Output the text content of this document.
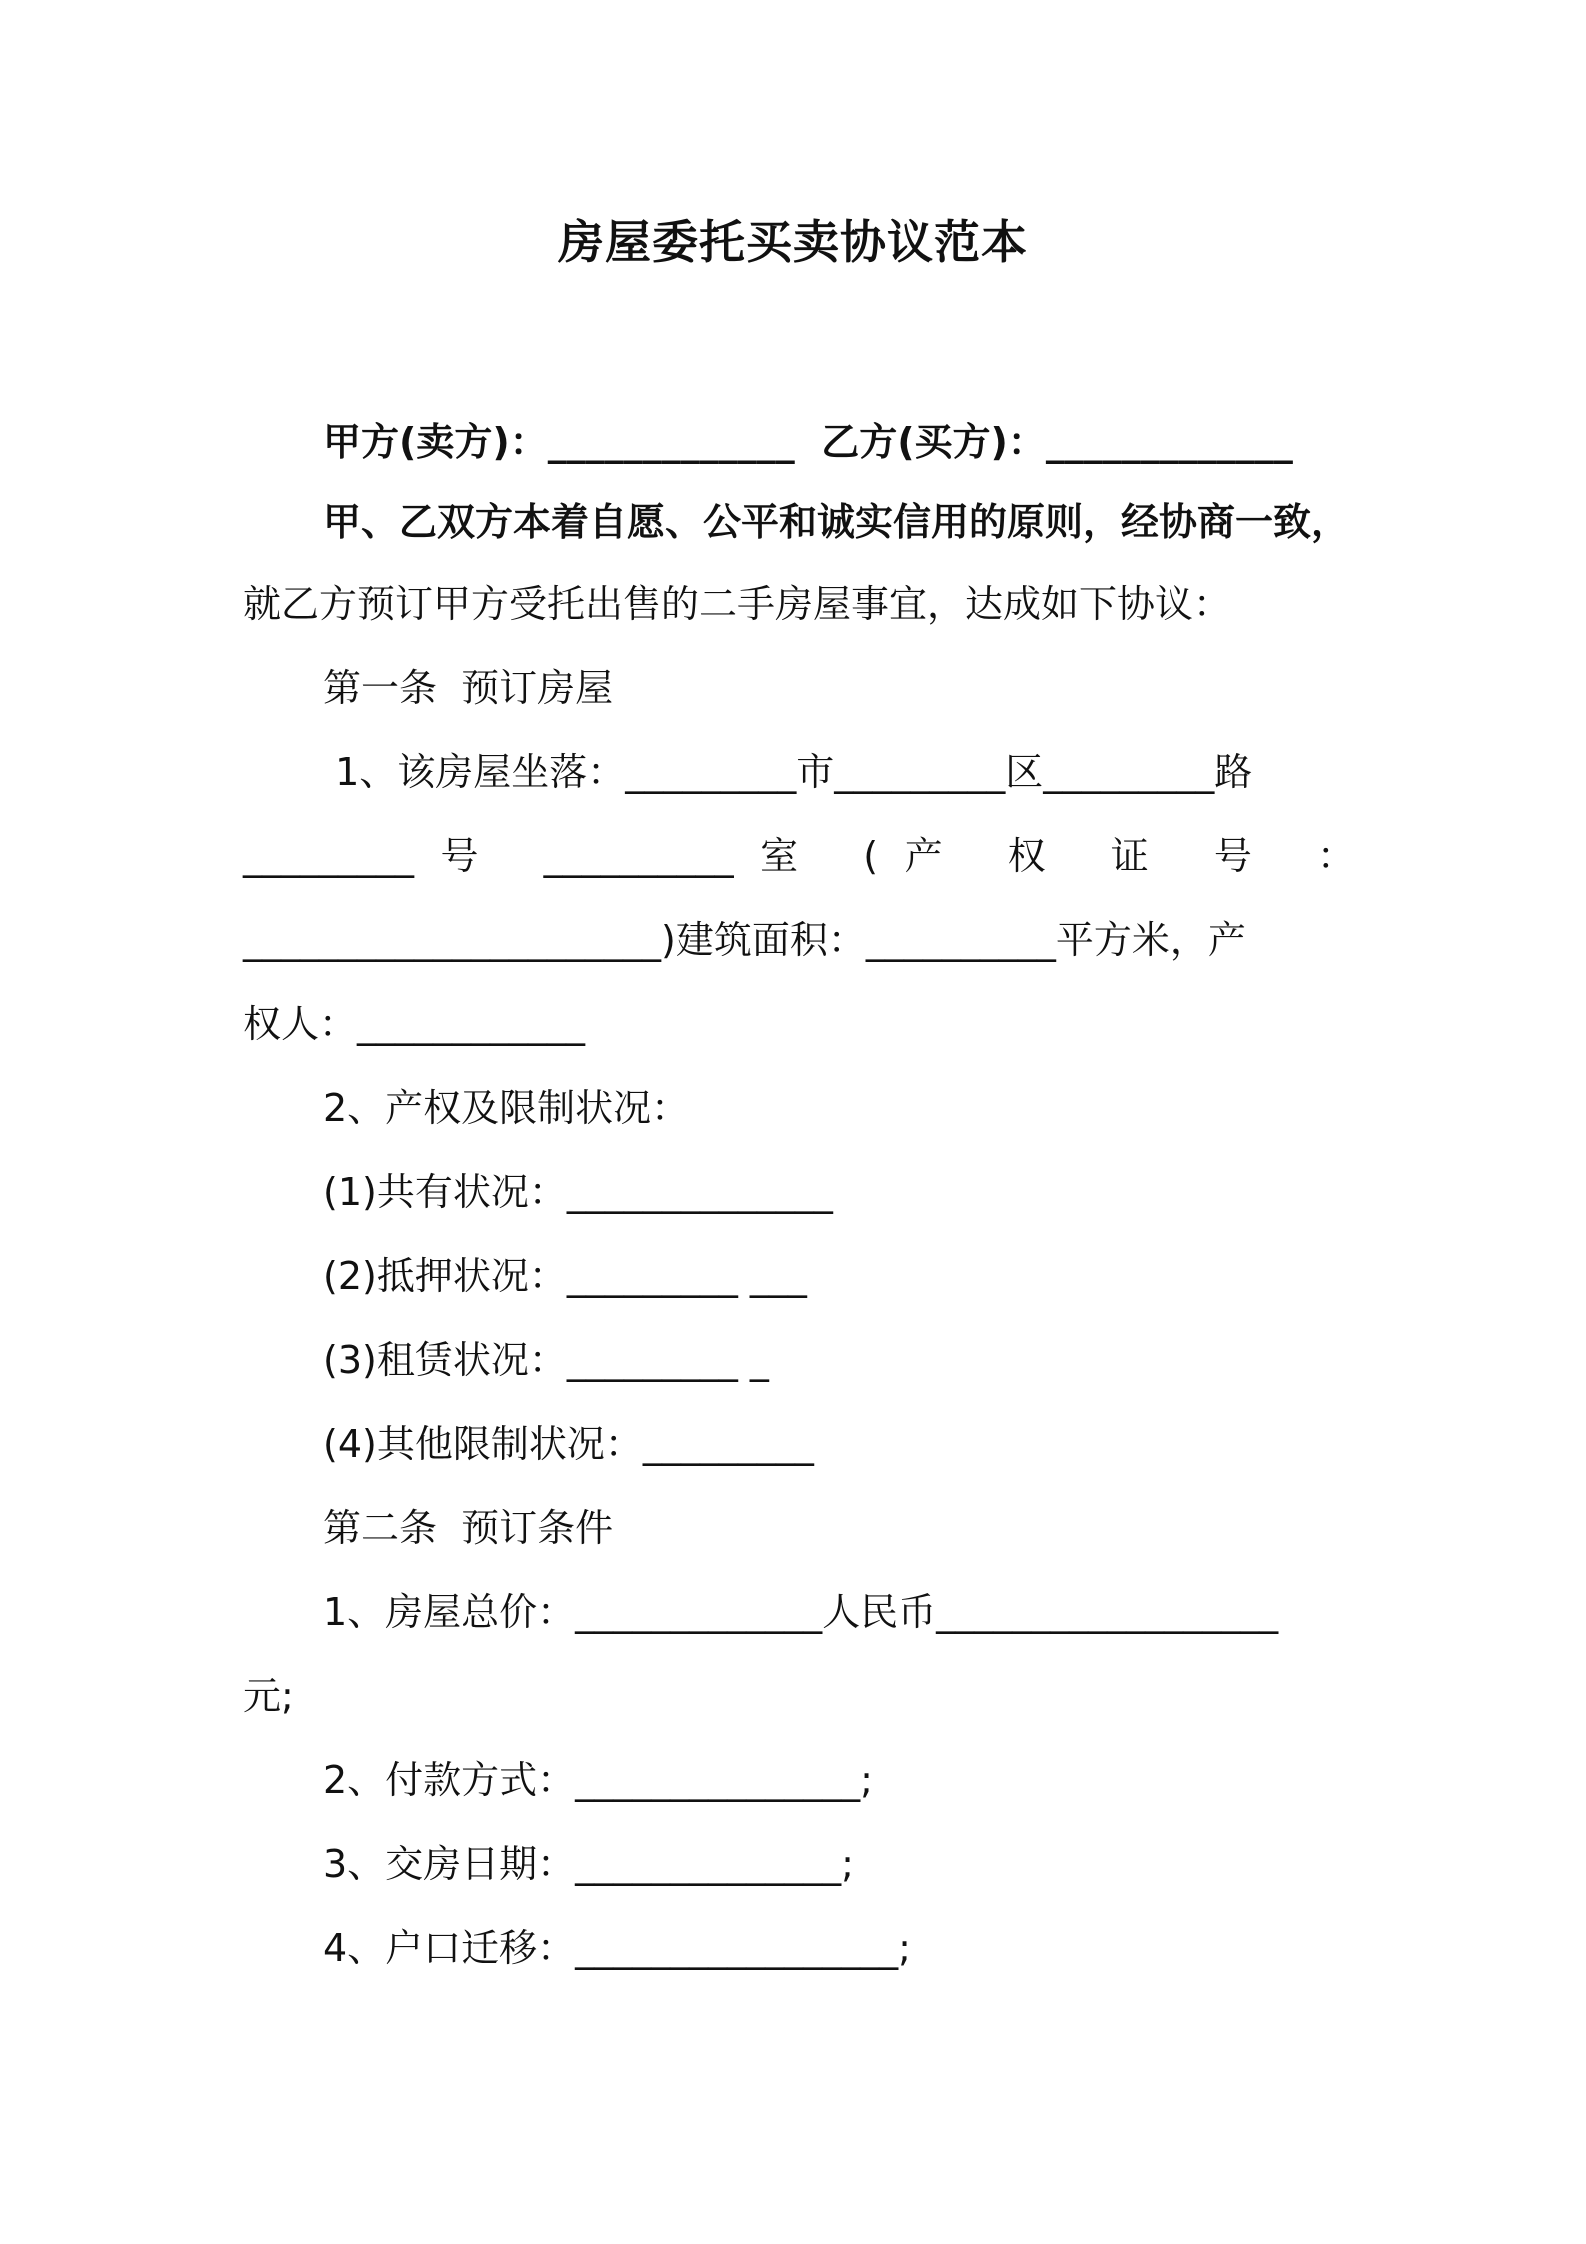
房屋委托买卖协议范本
甲方(卖方)：_____________  乙方(买方)：_____________
甲、乙双方本着自愿、公平和诚实信用的原则，经协商一致，
就乙方预订甲方受托出售的二手房屋事宜，达成如下协议：
第一条  预订房屋
1、该房屋坐落：_________市_________区_________路
_________号 __________室 (产 权 证 号 ：
______________________)建筑面积：__________平方米，产
权人：____________
2、产权及限制状况：
(1)共有状况：______________
(2)抵押状况：_________ ___
(3)租赁状况：_________ _
(4)其他限制状况：_________
第二条  预订条件
1、房屋总价：_____________人民币__________________
元;
2、付款方式：_______________;
3、交房日期：______________;
4、户口迁移：_________________;
